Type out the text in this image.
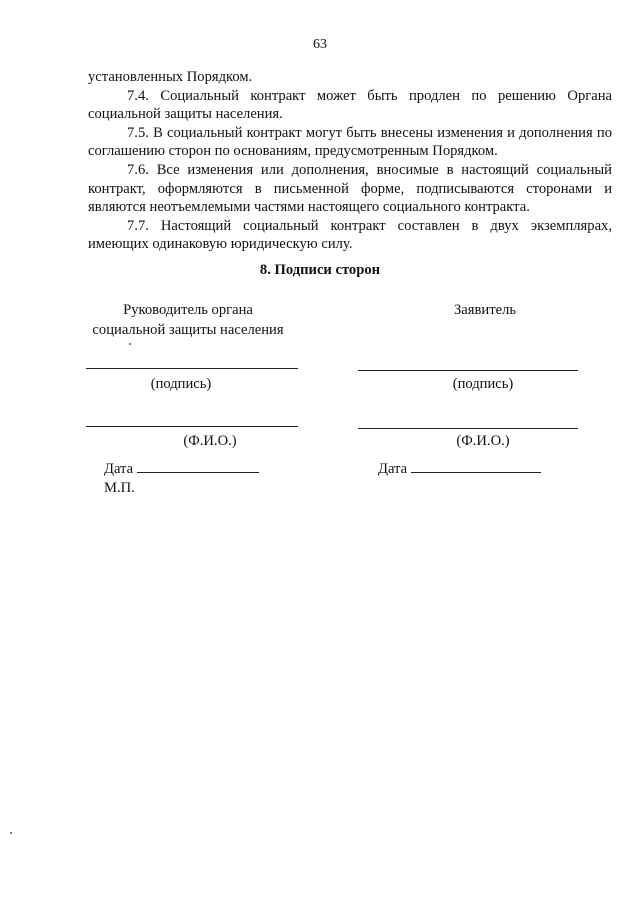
63

установленных Порядком.

7.4. Социальный контракт может быть продлен по решению Органа социальной защиты населения.

7.5. В социальный контракт могут быть внесены изменения и дополнения по соглашению сторон по основаниям, предусмотренным Порядком.

7.6. Все изменения или дополнения, вносимые в настоящий социальный контракт, оформляются в письменной форме, подписываются сторонами и являются неотъемлемыми частями настоящего социального контракта.

7.7. Настоящий социальный контракт составлен в двух экземплярах, имеющих одинаковую юридическую силу.

8. Подписи сторон
Руководитель органа
социальной защиты населения
(подпись)
(Ф.И.О.)
Дата
М.П.
Заявитель
(подпись)
(Ф.И.О.)
Дата
